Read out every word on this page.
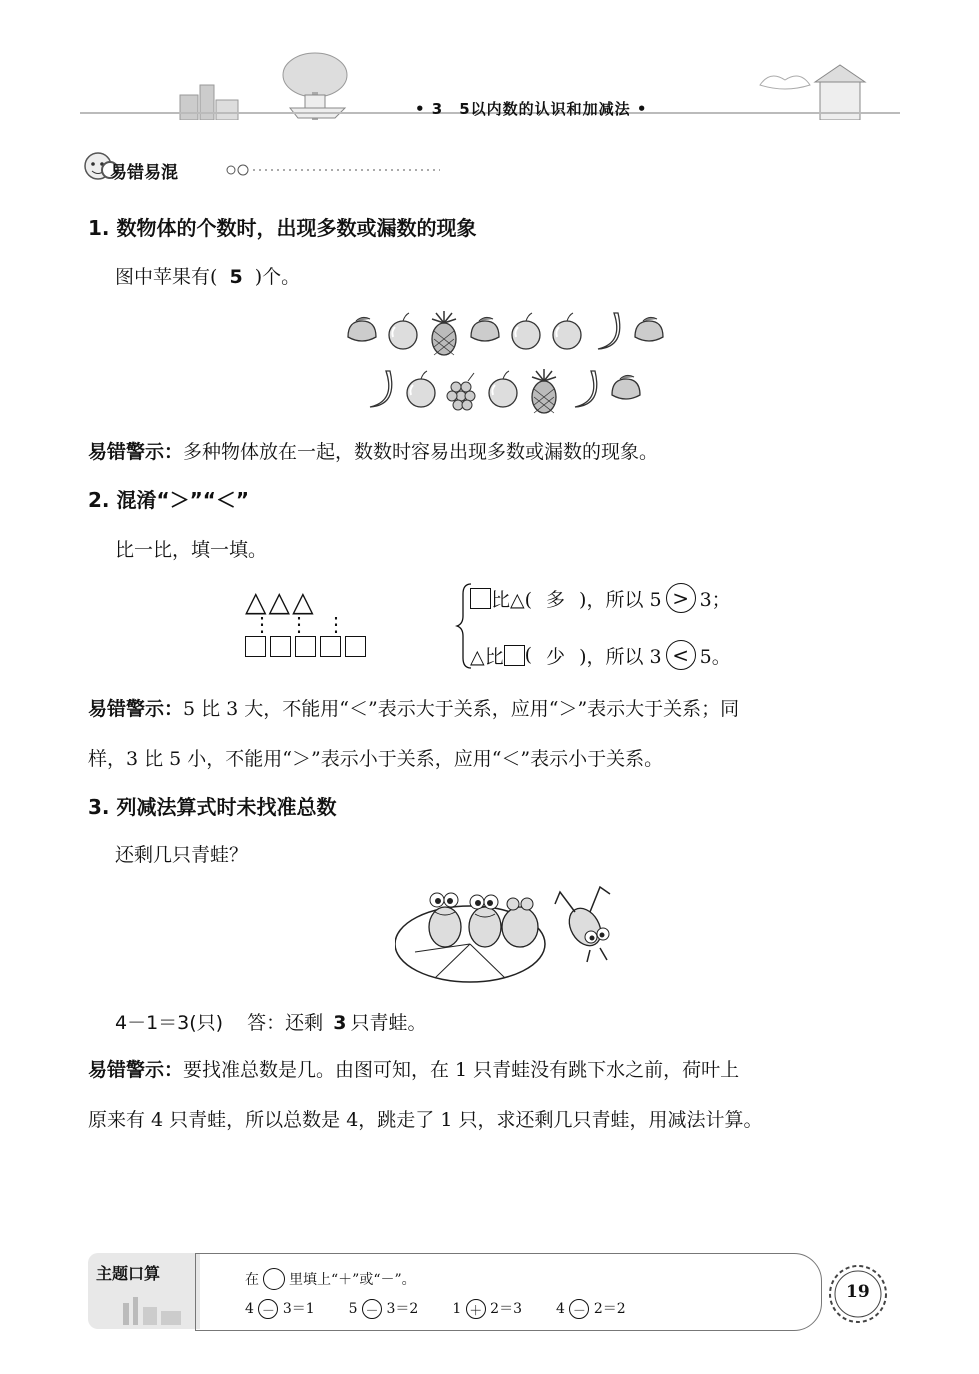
• 3　5以内数的认识和加减法 •
易错易混
1. 数物体的个数时，出现多数或漏数的现象
图中苹果有( 5 )个。
易错警示：多种物体放在一起，数数时容易出现多数或漏数的现象。
2. 混淆“＞”“＜”
比一比，填一填。
△△△
⋮⋮⋮
比△( 多 )，所以 5 > 3；
△比 ( 少 )，所以 3 < 5。
易错警示：5 比 3 大，不能用“＜”表示大于关系，应用“＞”表示大于关系；同
样，3 比 5 小，不能用“＞”表示小于关系，应用“＜”表示小于关系。
3. 列减法算式时未找准总数
还剩几只青蛙？
4－1＝3(只) 答：还剩 3 只青蛙。
易错警示：要找准总数是几。由图可知，在 1 只青蛙没有跳下水之前，荷叶上
原来有 4 只青蛙，所以总数是 4，跳走了 1 只，求还剩几只青蛙，用减法计算。
主题口算	在 里填上“＋”或“－”。
4 － 3＝1 5 － 3＝2 1 ＋ 2＝3 4 － 2＝2
19
